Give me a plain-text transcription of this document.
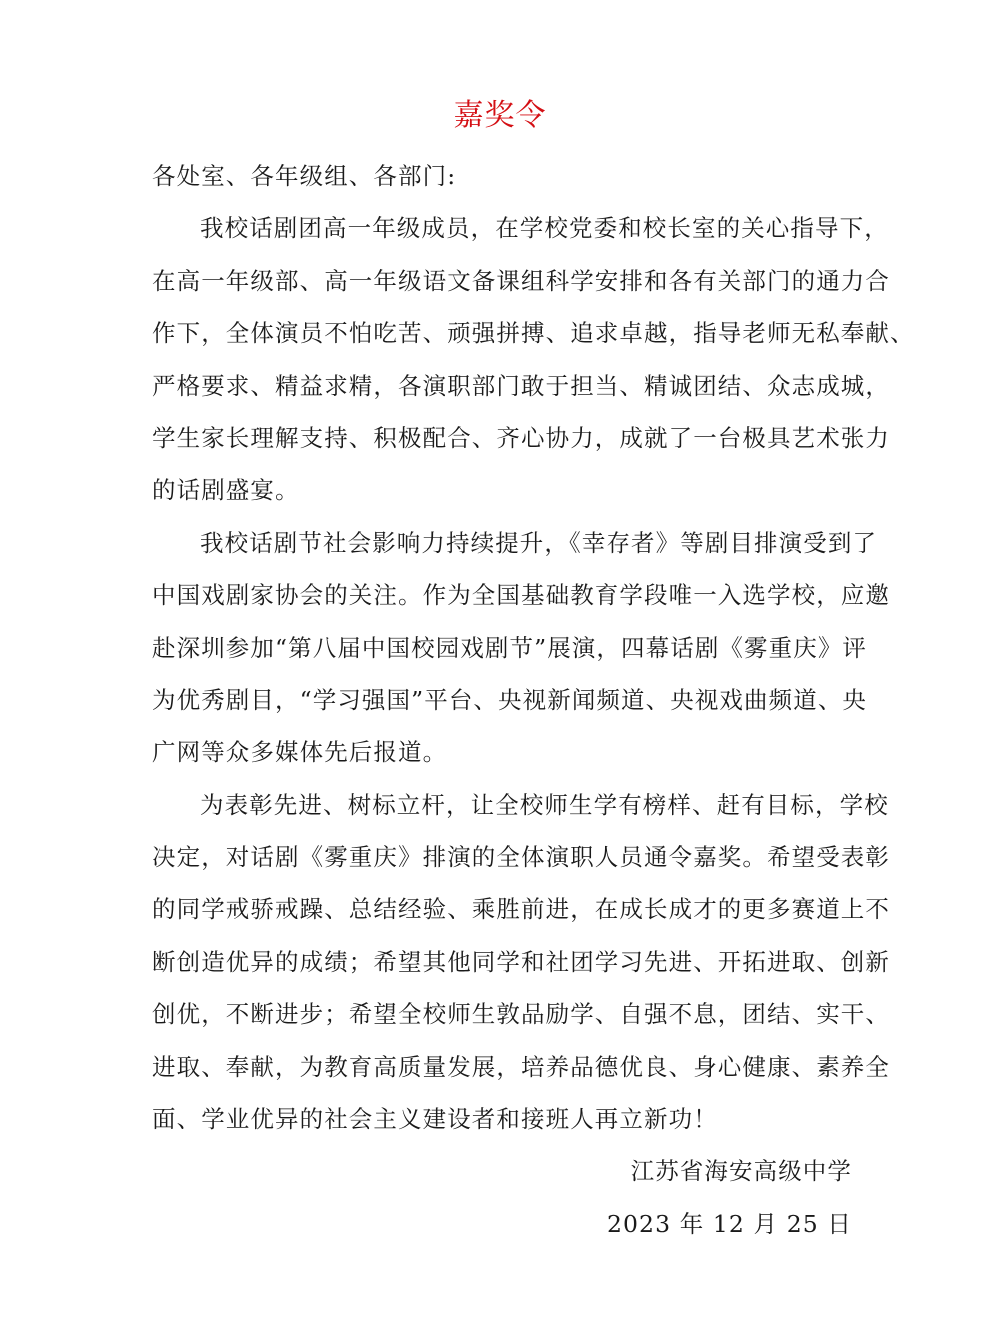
嘉奖令
各处室、各年级组、各部门:
我校话剧团高一年级成员，在学校党委和校长室的关心指导下，
在高一年级部、高一年级语文备课组科学安排和各有关部门的通力合
作下，全体演员不怕吃苦、顽强拼搏、追求卓越，指导老师无私奉献、
严格要求、精益求精，各演职部门敢于担当、精诚团结、众志成城，
学生家长理解支持、积极配合、齐心协力，成就了一台极具艺术张力
的话剧盛宴。
我校话剧节社会影响力持续提升，《幸存者》等剧目排演受到了
中国戏剧家协会的关注。作为全国基础教育学段唯一入选学校，应邀
赴深圳参加“第八届中国校园戏剧节”展演，四幕话剧《雾重庆》评
为优秀剧目，“学习强国”平台、央视新闻频道、央视戏曲频道、央
广网等众多媒体先后报道。
为表彰先进、树标立杆，让全校师生学有榜样、赶有目标，学校
决定，对话剧《雾重庆》排演的全体演职人员通令嘉奖。希望受表彰
的同学戒骄戒躁、总结经验、乘胜前进，在成长成才的更多赛道上不
断创造优异的成绩；希望其他同学和社团学习先进、开拓进取、创新
创优，不断进步；希望全校师生敦品励学、自强不息，团结、实干、
进取、奉献，为教育高质量发展，培养品德优良、身心健康、素养全
面、学业优异的社会主义建设者和接班人再立新功！
江苏省海安高级中学
2023 年 12 月 25 日
